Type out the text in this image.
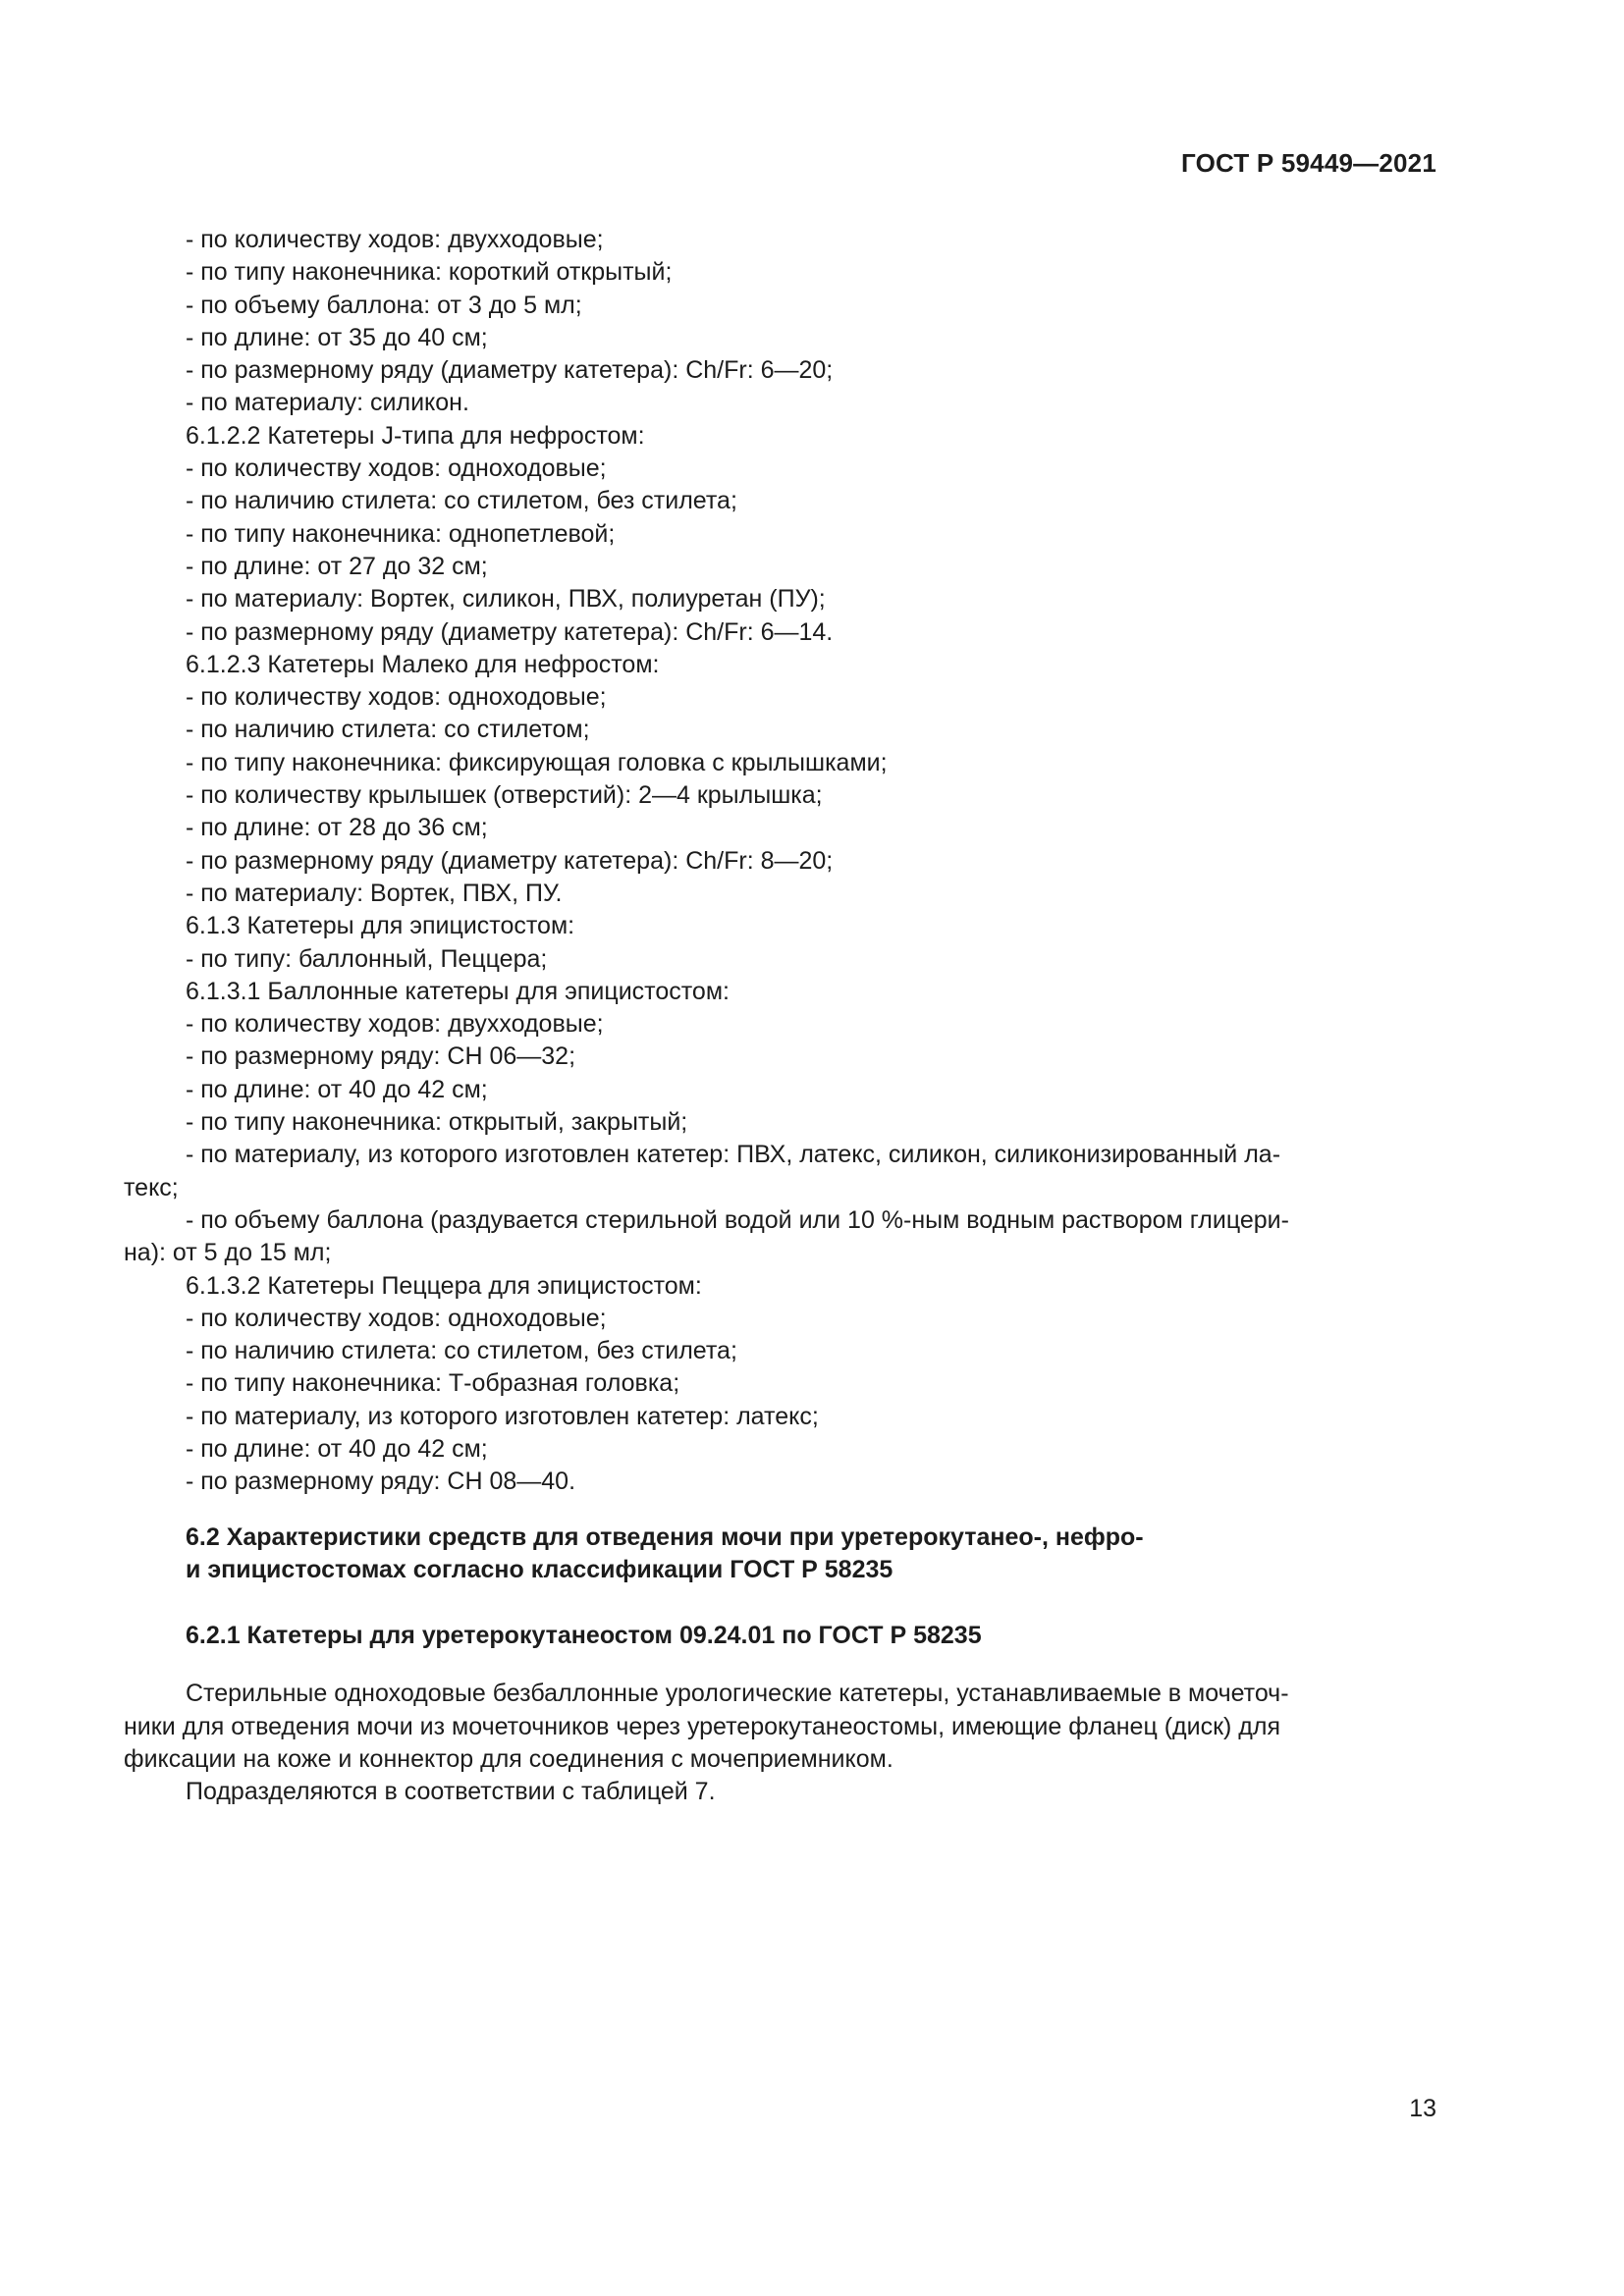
ГОСТ Р 59449—2021
- по количеству ходов: двухходовые;
- по типу наконечника: короткий открытый;
- по объему баллона: от 3 до 5 мл;
- по длине: от 35 до 40 см;
- по размерному ряду (диаметру катетера): Ch/Fr: 6—20;
- по материалу: силикон.
6.1.2.2 Катетеры J-типа для нефростом:
- по количеству ходов: одноходовые;
- по наличию стилета: со стилетом, без стилета;
- по типу наконечника: однопетлевой;
- по длине: от 27 до 32 см;
- по материалу: Вортек, силикон, ПВХ, полиуретан (ПУ);
- по размерному ряду (диаметру катетера): Ch/Fr: 6—14.
6.1.2.3 Катетеры Малеко для нефростом:
- по количеству ходов: одноходовые;
- по наличию стилета: со стилетом;
- по типу наконечника: фиксирующая головка с крылышками;
- по количеству крылышек (отверстий): 2—4 крылышка;
- по длине: от 28 до 36 см;
- по размерному ряду (диаметру катетера): Ch/Fr: 8—20;
- по материалу: Вортек, ПВХ, ПУ.
6.1.3 Катетеры для эпицистостом:
- по типу: баллонный, Пеццера;
6.1.3.1 Баллонные катетеры для эпицистостом:
- по количеству ходов: двухходовые;
- по размерному ряду: СН 06—32;
- по длине: от 40 до 42 см;
- по типу наконечника: открытый, закрытый;
- по материалу, из которого изготовлен катетер: ПВХ, латекс, силикон, силиконизированный ла-
текс;
- по объему баллона (раздувается стерильной водой или 10 %-ным водным раствором глицери-
на): от 5 до 15 мл;
6.1.3.2 Катетеры Пеццера для эпицистостом:
- по количеству ходов: одноходовые;
- по наличию стилета: со стилетом, без стилета;
- по типу наконечника: Т-образная головка;
- по материалу, из которого изготовлен катетер: латекс;
- по длине: от 40 до 42 см;
- по размерному ряду: СН 08—40.
6.2 Характеристики средств для отведения мочи при уретерокутанео-, нефро-
и эпицистостомах согласно классификации ГОСТ Р 58235
6.2.1 Катетеры для уретерокутанеостом 09.24.01 по ГОСТ Р 58235
Стерильные одноходовые безбаллонные урологические катетеры, устанавливаемые в мочеточ-
ники для отведения мочи из мочеточников через уретерокутанеостомы, имеющие фланец (диск) для
фиксации на коже и коннектор для соединения с мочеприемником.
Подразделяются в соответствии с таблицей 7.
13
